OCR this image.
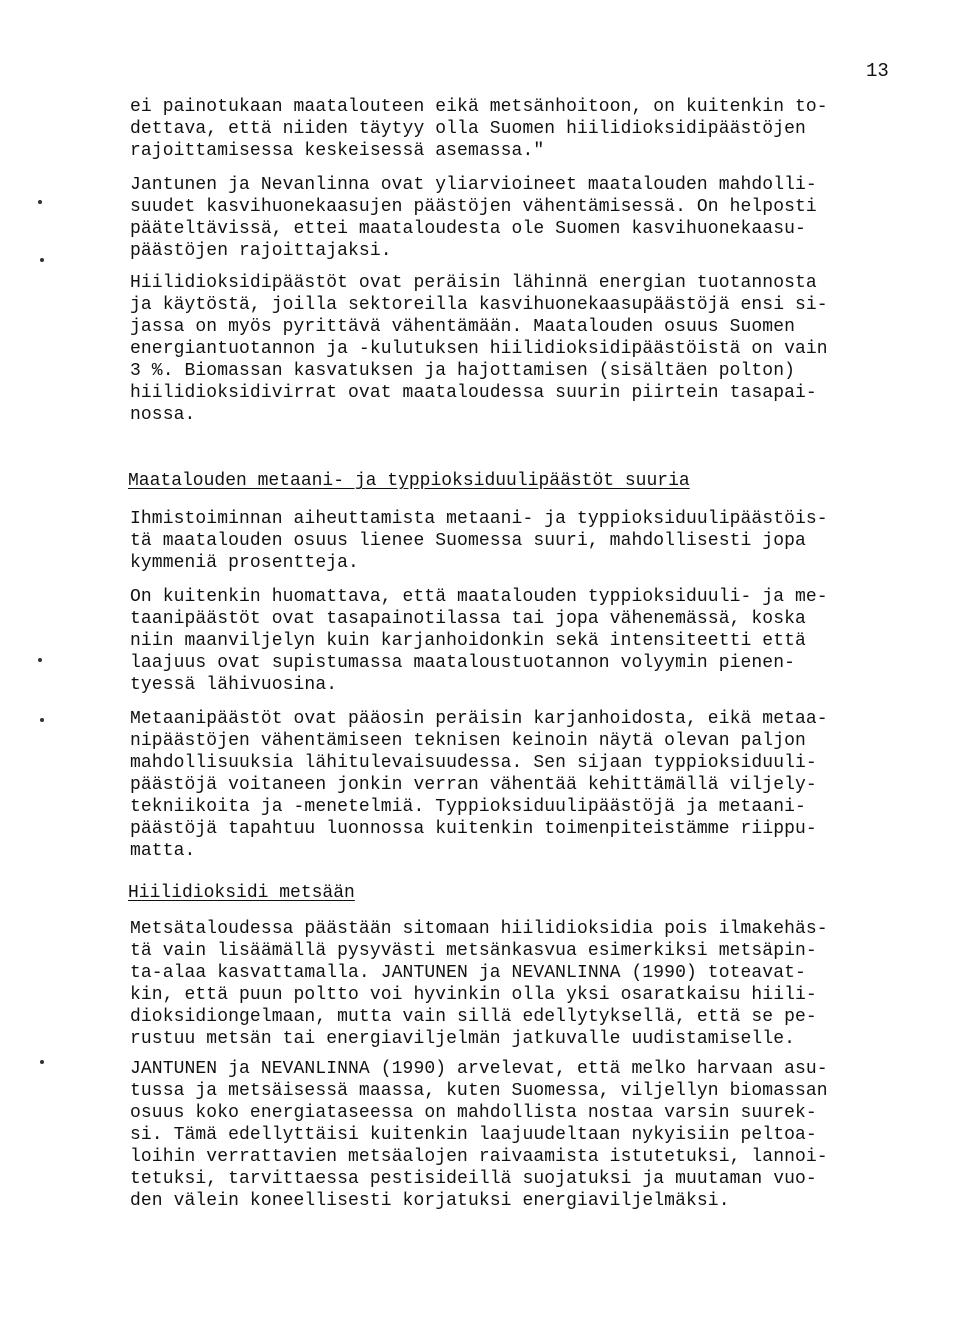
13
ei painotukaan maatalouteen eikä metsänhoitoon, on kuitenkin to-
dettava, että niiden täytyy olla Suomen hiilidioksidipäästöjen
rajoittamisessa keskeisessä asemassa."
Jantunen ja Nevanlinna ovat yliarvioineet maatalouden mahdolli-
suudet kasvihuonekaasujen päästöjen vähentämisessä. On helposti
pääteltävissä, ettei maataloudesta ole Suomen kasvihuonekaasu-
päästöjen rajoittajaksi.
Hiilidioksidipäästöt ovat peräisin lähinnä energian tuotannosta
ja käytöstä, joilla sektoreilla kasvihuonekaasupäästöjä ensi si-
jassa on myös pyrittävä vähentämään. Maatalouden osuus Suomen
energiantuotannon ja -kulutuksen hiilidioksidipäästöistä on vain
3 %. Biomassan kasvatuksen ja hajottamisen (sisältäen polton)
hiilidioksidivirrat ovat maataloudessa suurin piirtein tasapai-
nossa.
Maatalouden metaani- ja typpioksiduulipäästöt suuria
Ihmistoiminnan aiheuttamista metaani- ja typpioksiduulipäästöis-
tä maatalouden osuus lienee Suomessa suuri, mahdollisesti jopa
kymmeniä prosentteja.
On kuitenkin huomattava, että maatalouden typpioksiduuli- ja me-
taanipäästöt ovat tasapainotilassa tai jopa vähenemässä, koska
niin maanviljelyn kuin karjanhoidonkin sekä intensiteetti että
laajuus ovat supistumassa maataloustuotannon volyymin pienen-
tyessä lähivuosina.
Metaanipäästöt ovat pääosin peräisin karjanhoidosta, eikä metaa-
nipäästöjen vähentämiseen teknisen keinoin näytä olevan paljon
mahdollisuuksia lähitulevaisuudessa. Sen sijaan typpioksiduuli-
päästöjä voitaneen jonkin verran vähentää kehittämällä viljely-
tekniikoita ja -menetelmiä. Typpioksiduulipäästöjä ja metaani-
päästöjä tapahtuu luonnossa kuitenkin toimenpiteistämme riippu-
matta.
Hiilidioksidi metsään
Metsätaloudessa päästään sitomaan hiilidioksidia pois ilmakehäs-
tä vain lisäämällä pysyvästi metsänkasvua esimerkiksi metsäpin-
ta-alaa kasvattamalla. JANTUNEN ja NEVANLINNA (1990) toteavat-
kin, että puun poltto voi hyvinkin olla yksi osaratkaisu hiili-
dioksidiongelmaan, mutta vain sillä edellytyksellä, että se pe-
rustuu metsän tai energiaviljelmän jatkuvalle uudistamiselle.
JANTUNEN ja NEVANLINNA (1990) arvelevat, että melko harvaan asu-
tussa ja metsäisessä maassa, kuten Suomessa, viljellyn biomassan
osuus koko energiataseessa on mahdollista nostaa varsin suurek-
si. Tämä edellyttäisi kuitenkin laajuudeltaan nykyisiin peltoa-
loihin verrattavien metsäalojen raivaamista istutetuksi, lannoi-
tetuksi, tarvittaessa pestisideillä suojatuksi ja muutaman vuo-
den välein koneellisesti korjatuksi energiaviljelmäksi.
